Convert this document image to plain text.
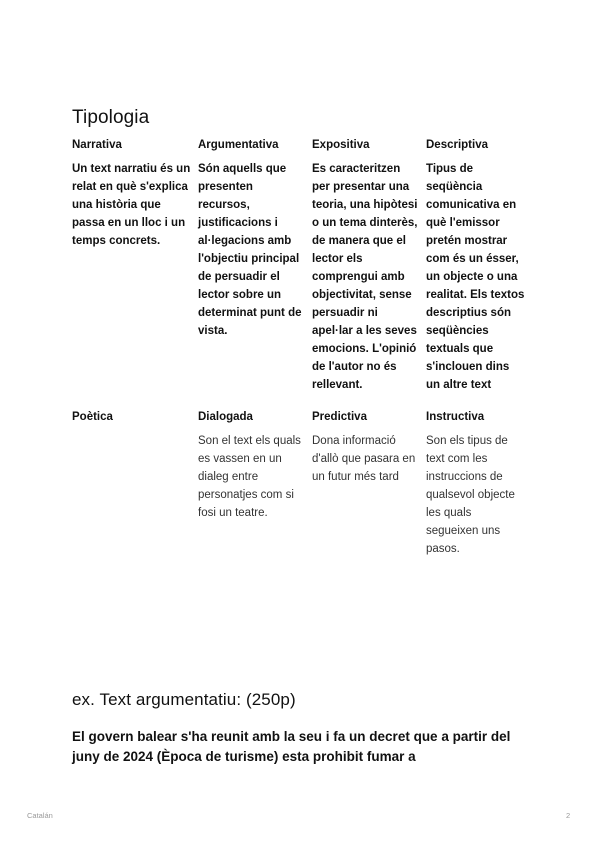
Tipologia
Narrativa
Un text narratiu és un relat en què s'explica una història que passa en un lloc i un temps concrets.
Argumentativa
Són aquells que presenten recursos, justificacions i al·legacions amb l'objectiu principal de persuadir el lector sobre un determinat punt de vista.
Expositiva
Es caracteritzen per presentar una teoria, una hipòtesi o un tema dinterès, de manera que el lector els comprengui amb objectivitat, sense persuadir ni apel·lar a les seves emocions. L'opinió de l'autor no és rellevant.
Descriptiva
Tipus de seqüència comunicativa en què l'emissor pretén mostrar com és un ésser, un objecte o una realitat. Els textos descriptius són seqüències textuals que s'inclouen dins un altre text
Poètica	Dialogada
Son el text els quals es vassen en un dialeg entre personatjes com si fosi un teatre.
Predictiva
Dona informació d'allò que pasara en un futur més tard
Instructiva
Son els tipus de text com les instruccions de qualsevol objecte les quals segueixen uns pasos.
ex. Text argumentatiu: (250p)
El govern balear s'ha reunit amb la seu i fa un decret que a partir del juny de 2024 (Època de turisme) esta prohibit fumar a
Catalán	2
